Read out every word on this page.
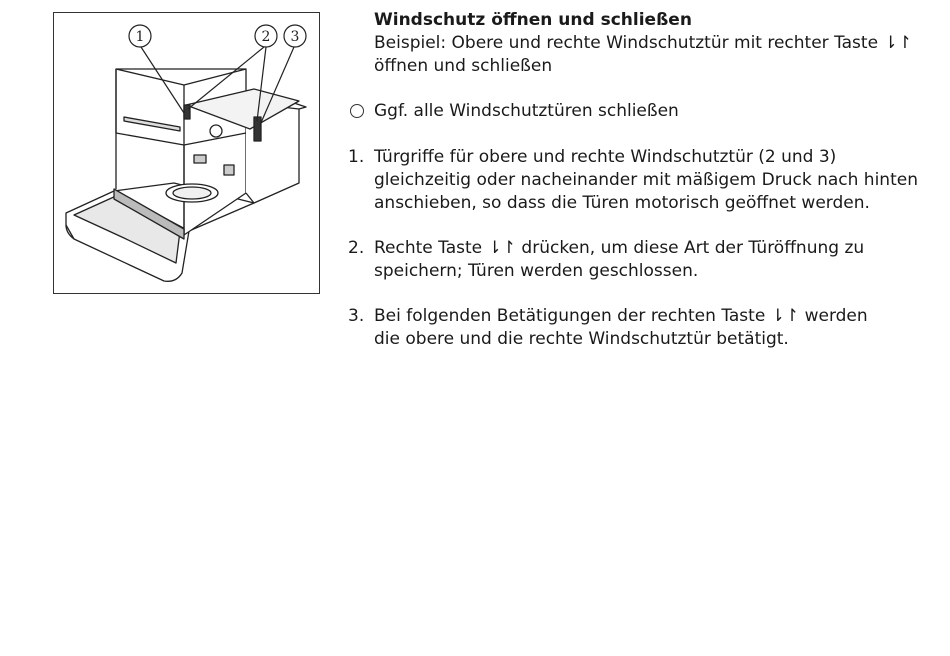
1	2 3

Windschutz öffnen und schließen

Beispiel: Obere und rechte Windschutztür mit rechter Taste ⇂↾

öffnen und schließen

Ggf. alle Windschutztüren schließen

1. Türgriffe für obere und rechte Windschutztür (2 und 3)

gleichzeitig oder nacheinander mit mäßigem Druck nach hinten

anschieben, so dass die Türen motorisch geöffnet werden.

2. Rechte Taste ⇂↾ drücken, um diese Art der Türöffnung zu

speichern; Türen werden geschlossen.

3. Bei folgenden Betätigungen der rechten Taste ⇂↾ werden

die obere und die rechte Windschutztür betätigt.
